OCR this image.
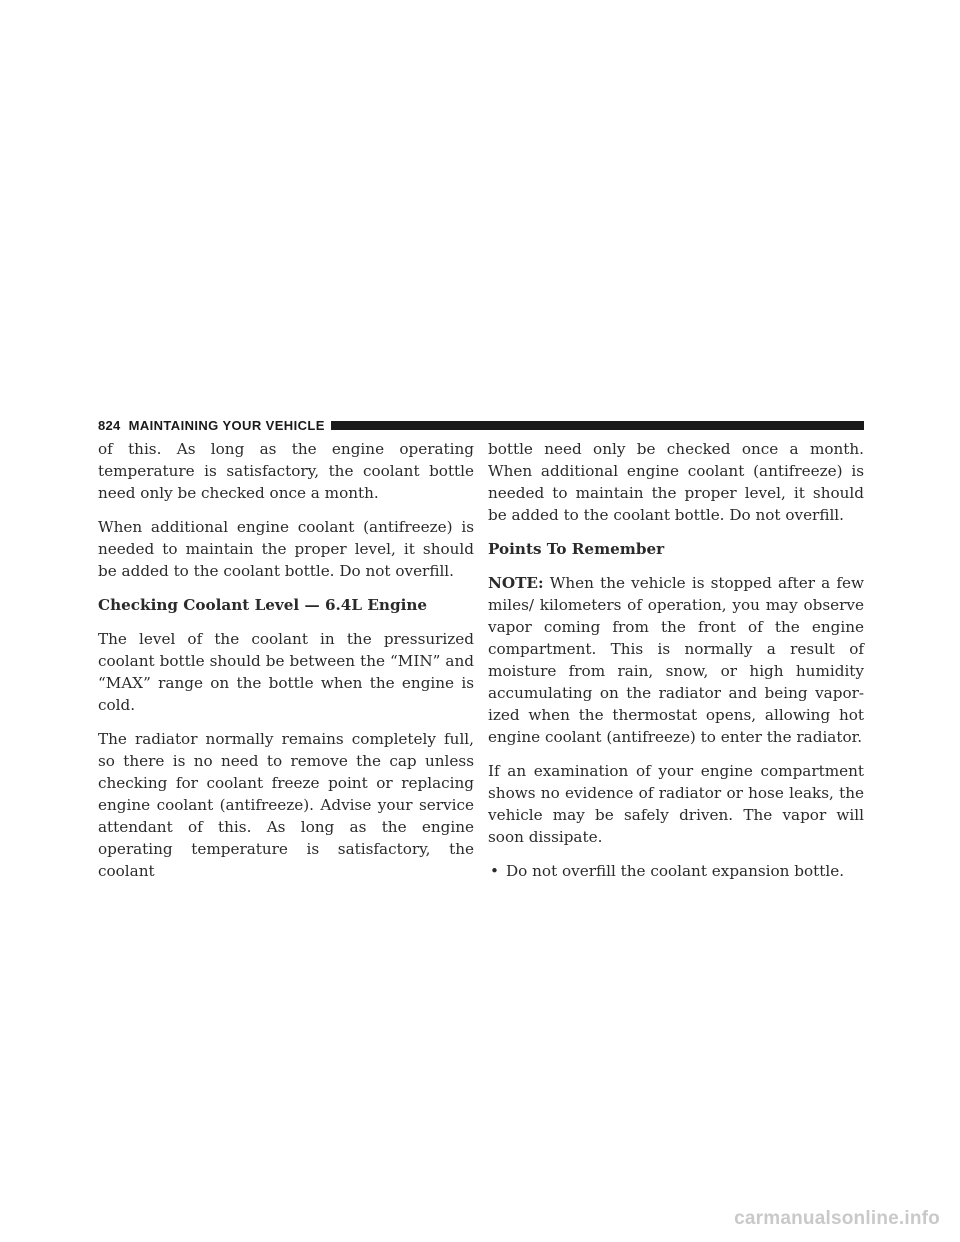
824 MAINTAINING YOUR VEHICLE

of this. As long as the engine operating temperature is satisfactory, the coolant bottle need only be checked once a month.

When additional engine coolant (antifreeze) is needed to maintain the proper level, it should be added to the coolant bottle. Do not overfill.

Checking Coolant Level — 6.4L Engine

The level of the coolant in the pressurized coolant bottle should be between the “MIN” and “MAX” range on the bottle when the engine is cold.

The radiator normally remains completely full, so there is no need to remove the cap unless checking for coolant freeze point or replacing engine coolant (antifreeze). Advise your service attendant of this. As long as the engine operating temperature is satisfactory, the coolant

bottle need only be checked once a month. When additional engine coolant (antifreeze) is needed to maintain the proper level, it should be added to the coolant bottle. Do not overfill.

Points To Remember

NOTE: When the vehicle is stopped after a few miles/ kilometers of operation, you may observe vapor coming from the front of the engine compartment. This is normally a result of moisture from rain, snow, or high humidity accumulating on the radiator and being vaporized when the thermostat opens, allowing hot engine coolant (antifreeze) to enter the radiator.

If an examination of your engine compartment shows no evidence of radiator or hose leaks, the vehicle may be safely driven. The vapor will soon dissipate.

• Do not overfill the coolant expansion bottle.
carmanualsonline.info
